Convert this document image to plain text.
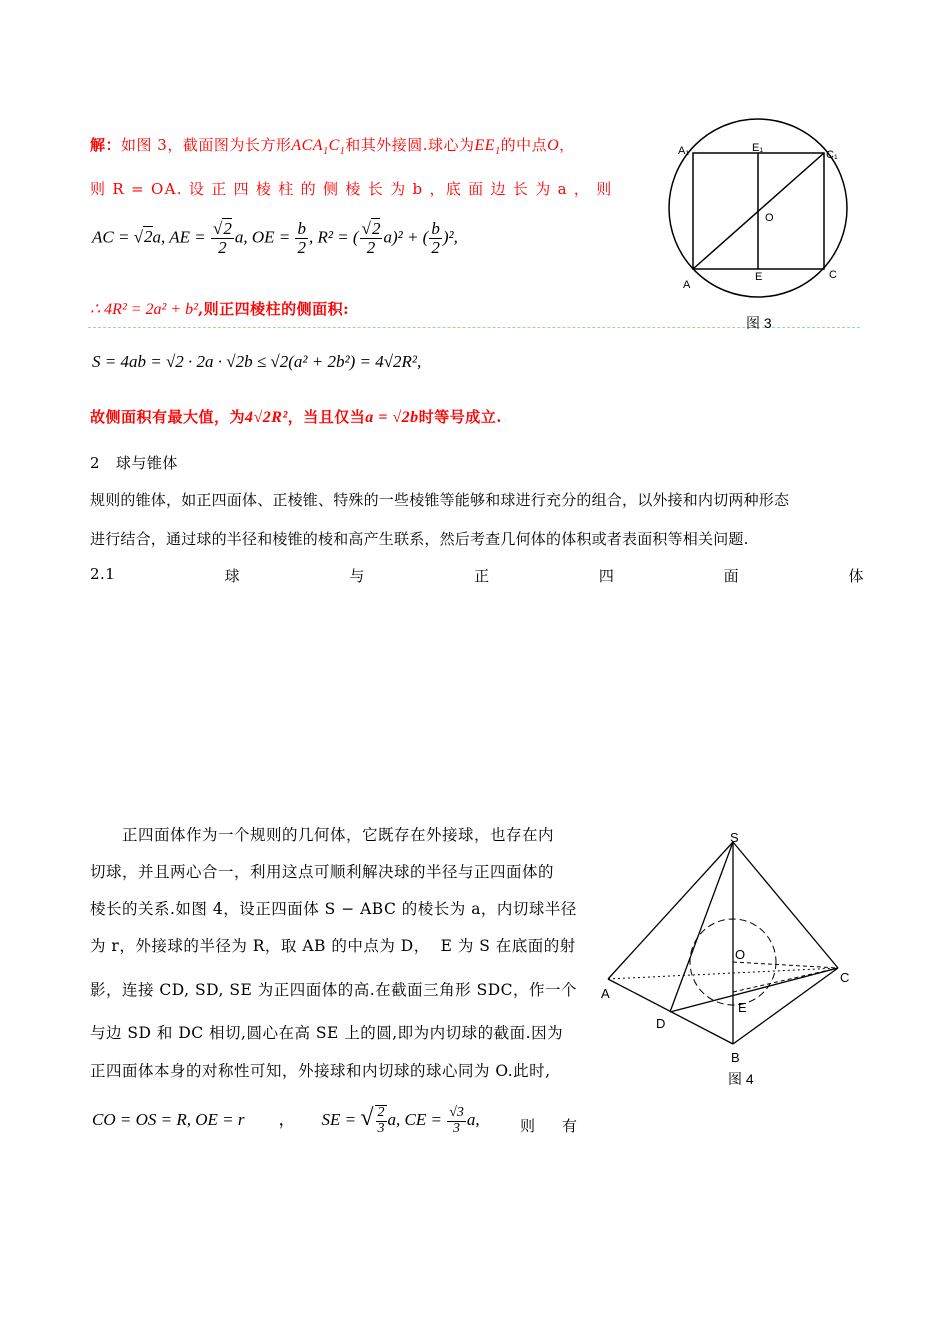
解：如图 3，截面图为长方形$ACA_1C_1$和其外接圆.球心为$EE_1$的中点O，
则 R = OA. 设 正 四 棱 柱 的 侧 棱 长 为 b ，底 面 边 长 为 a ， 则
AC = √2a, AE = $\frac{√2}{2} a$, OE = $\frac{b}{2}$ , R² = ( $\frac{√2}{2} a)^2$ + ( $\frac{b}{2} )^2$,
∴ 4R² = 2a² + b²,则正四棱柱的侧面积:
S = 4ab = √2 · 2a · √2b ≤ √2(a² + 2b²) = 4√2R²,
故侧面积有最大值，为4√2R²，当且仅当a = √2b时等号成立.
A₁	E₁
C₁
O
A
E	C
图 3
2   球与锥体
规则的锥体，如正四面体、正棱锥、特殊的一些棱锥等能够和球进行充分的组合，以外接和内切两种形态
进行结合，通过球的半径和棱锥的棱和高产生联系，然后考查几何体的体积或者表面积等相关问题.
2.1	球	与	正	四	面	体
正四面体作为一个规则的几何体，它既存在外接球，也存在内
切球，并且两心合一，利用这点可顺利解决球的半径与正四面体的
棱长的关系.如图 4，设正四面体 S − ABC 的棱长为 a，内切球半径
为 r，外接球的半径为 R，取 AB 的中点为 D，  E 为 S 在底面的射
影，连接 CD, SD, SE 为正四面体的高.在截面三角形 SDC，作一个
与边 SD 和 DC 相切,圆心在高 SE 上的圆,即为内切球的截面.因为
正四面体本身的对称性可知，外接球和内切球的球心同为 O.此时,
CO = OS = R, OE = r ， SE = √ $\frac{2}{3} a$, CE = $\frac{√3}{3} a$,	则 有
S
O
A
C
D
E
B
图 4
